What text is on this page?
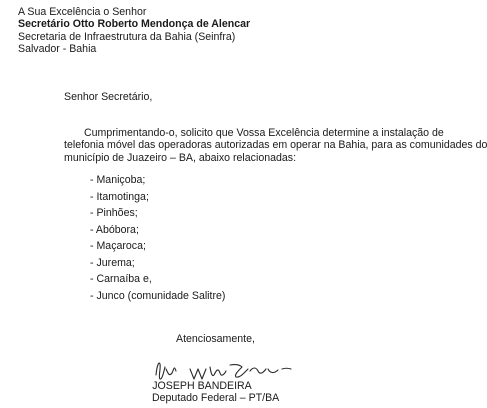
A Sua Excelência o Senhor
Secretário Otto Roberto Mendonça de Alencar
Secretaria de Infraestrutura da Bahia (Seinfra)
Salvador - Bahia
Senhor Secretário,
Cumprimentando-o, solicito que Vossa Excelência determine a instalação de
telefonia móvel das operadoras autorizadas em operar na Bahia, para as comunidades do
município de Juazeiro – BA, abaixo relacionadas:
- Maniçoba;
- Itamotinga;
- Pinhões;
- Abóbora;
- Maçaroca;
- Jurema;
- Carnaíba e,
- Junco (comunidade Salitre)
Atenciosamente,
JOSEPH BANDEIRA
Deputado Federal – PT/BA
